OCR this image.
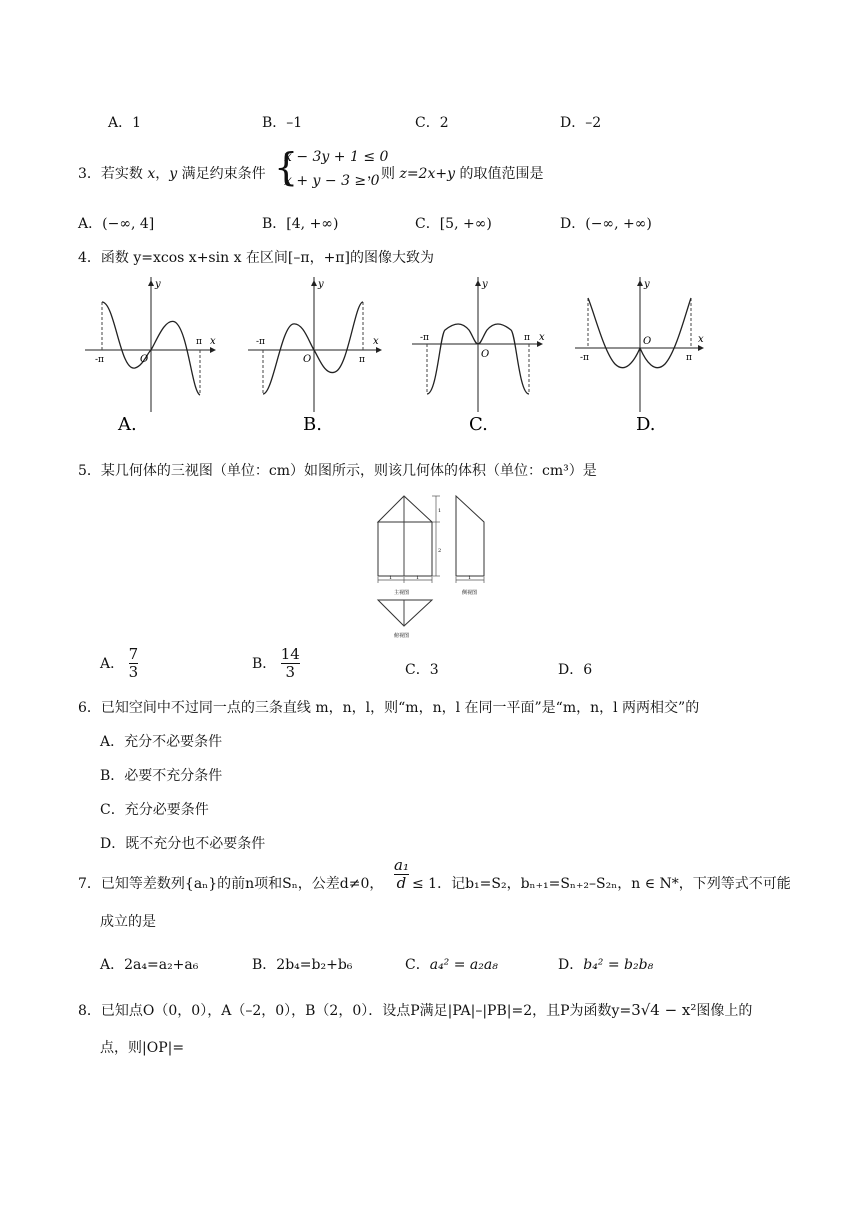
A．1	B．–1	C．2	D．–2
3．若实数 x，y 满足约束条件 {
x − 3y + 1 ≤ 0
x + y − 3 ≥ 0
，则 z=2x+y 的取值范围是
A．(−∞, 4]	B．[4, +∞)	C．[5, +∞)	D．(−∞, +∞)
4．函数 y=xcos x+sin x 在区间[–π，+π]的图像大致为
y
x
O
-π
π
A.
y
x
O
-π
π
B.
y
x
O
-π	π
C.
y
x
O
-π	π
D.
5．某几何体的三视图（单位：cm）如图所示，则该几何体的体积（单位：cm³）是
1
2
1	1
主视图
1
侧视图
俯视图
A． $\frac{7}{3}$	B． $\frac{14}{3}$	C．3	D．6
6．已知空间中不过同一点的三条直线 m，n，l，则“m，n，l 在同一平面”是“m，n，l 两两相交”的
A．充分不必要条件
B．必要不充分条件
C．充分必要条件
D．既不充分也不必要条件
7．已知等差数列{aₙ}的前n项和Sₙ，公差d≠0，
a₁
d ≤ 1．记b₁=S₂，bₙ₊₁=Sₙ₊₂–S₂ₙ，n ∈ N*，下列等式不可能
成立的是
A．2a₄=a₂+a₆	B．2b₄=b₂+b₆	C．a₄² = a₂a₈	D．b₄² = b₂b₈
8．已知点O（0，0），A（–2，0），B（2，0）．设点P满足|PA|–|PB|=2，且P为函数y=3√4 − x²图像上的
点，则|OP|=
